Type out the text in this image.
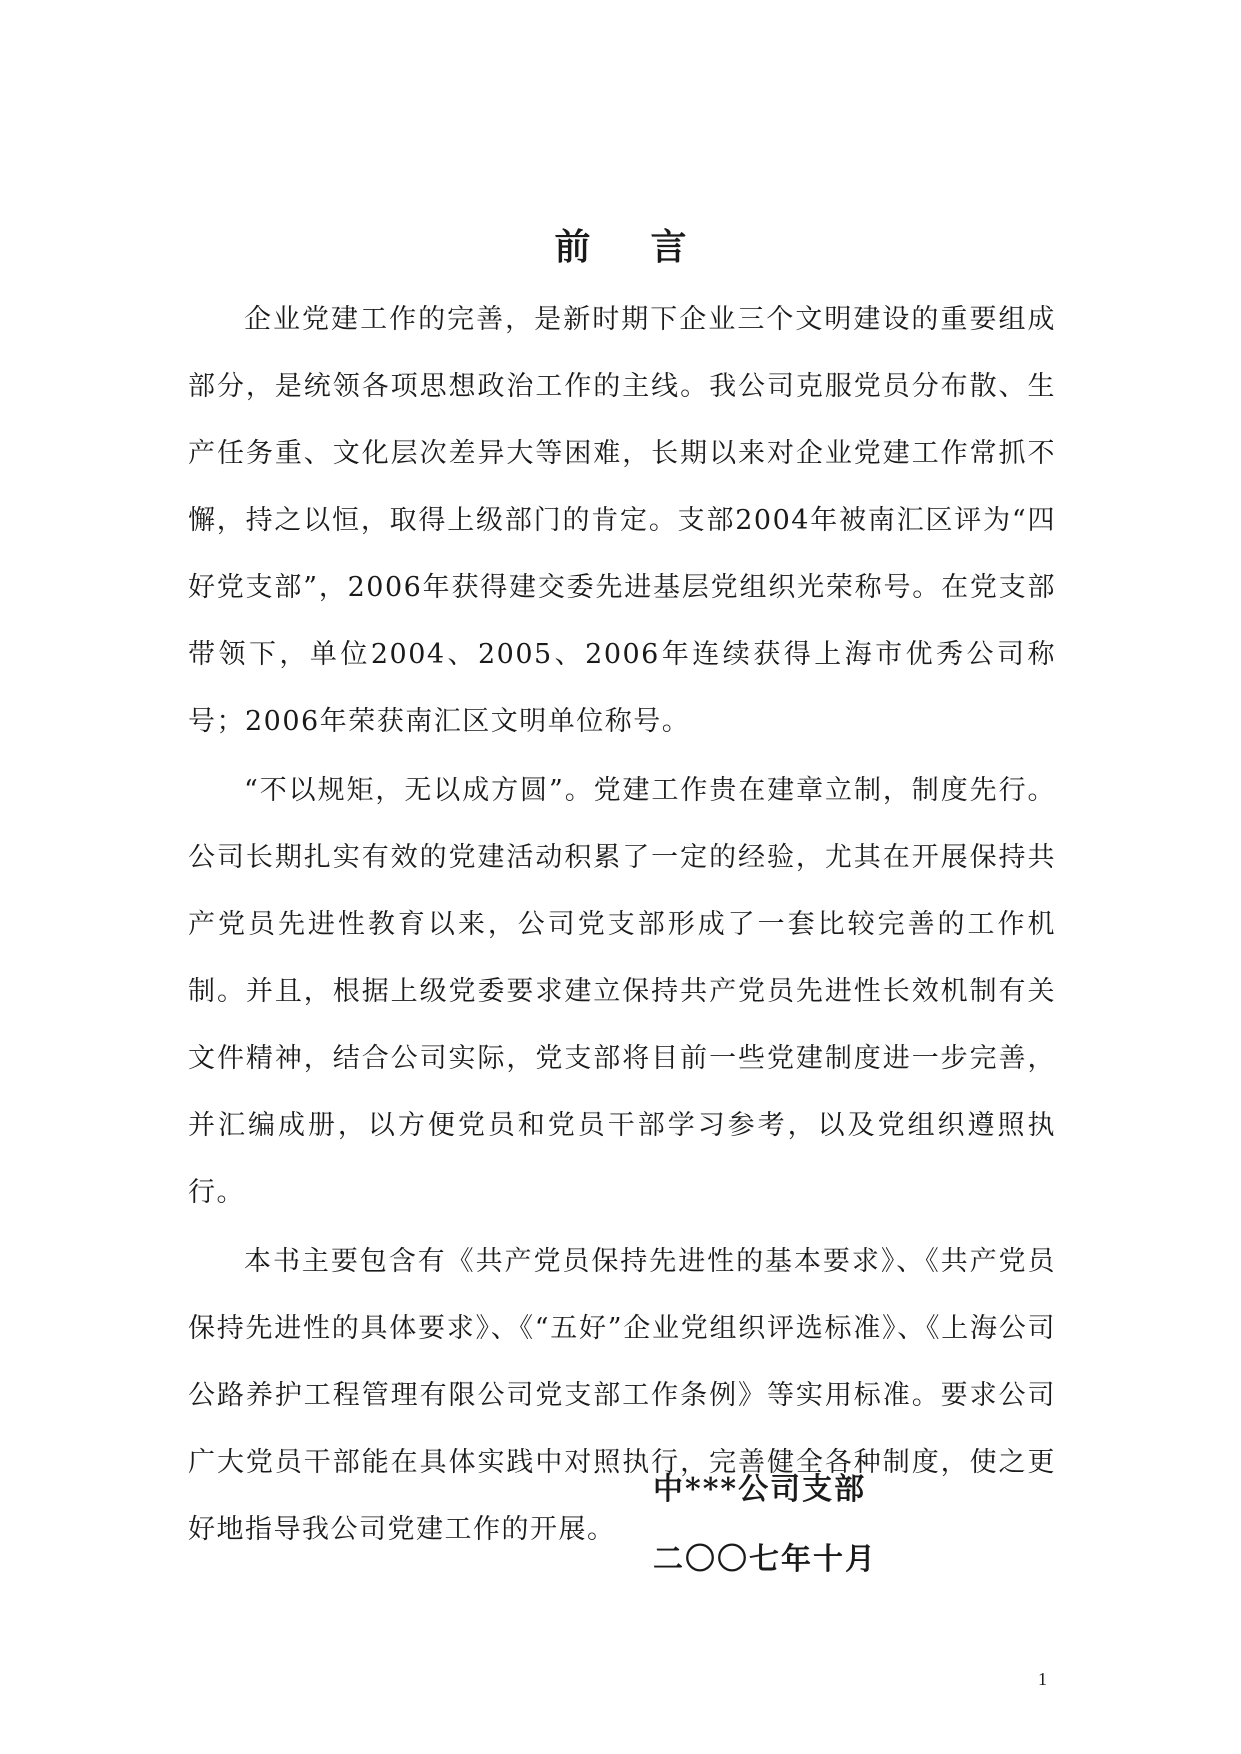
前言

企业党建工作的完善，是新时期下企业三个文明建设的重要组成部分，是统领各项思想政治工作的主线。我公司克服党员分布散、生产任务重、文化层次差异大等困难，长期以来对企业党建工作常抓不懈，持之以恒，取得上级部门的肯定。支部2004年被南汇区评为“四好党支部”，2006年获得建交委先进基层党组织光荣称号。在党支部带领下，单位2004、2005、2006年连续获得上海市优秀公司称号；2006年荣获南汇区文明单位称号。

“不以规矩，无以成方圆”。党建工作贵在建章立制，制度先行。公司长期扎实有效的党建活动积累了一定的经验，尤其在开展保持共产党员先进性教育以来，公司党支部形成了一套比较完善的工作机制。并且，根据上级党委要求建立保持共产党员先进性长效机制有关文件精神，结合公司实际，党支部将目前一些党建制度进一步完善，并汇编成册，以方便党员和党员干部学习参考，以及党组织遵照执行。

本书主要包含有《共产党员保持先进性的基本要求》、《共产党员保持先进性的具体要求》、《“五好”企业党组织评选标准》、《上海公司公路养护工程管理有限公司党支部工作条例》等实用标准。要求公司广大党员干部能在具体实践中对照执行，完善健全各种制度，使之更好地指导我公司党建工作的开展。

中***公司支部
二〇〇七年十月
1
